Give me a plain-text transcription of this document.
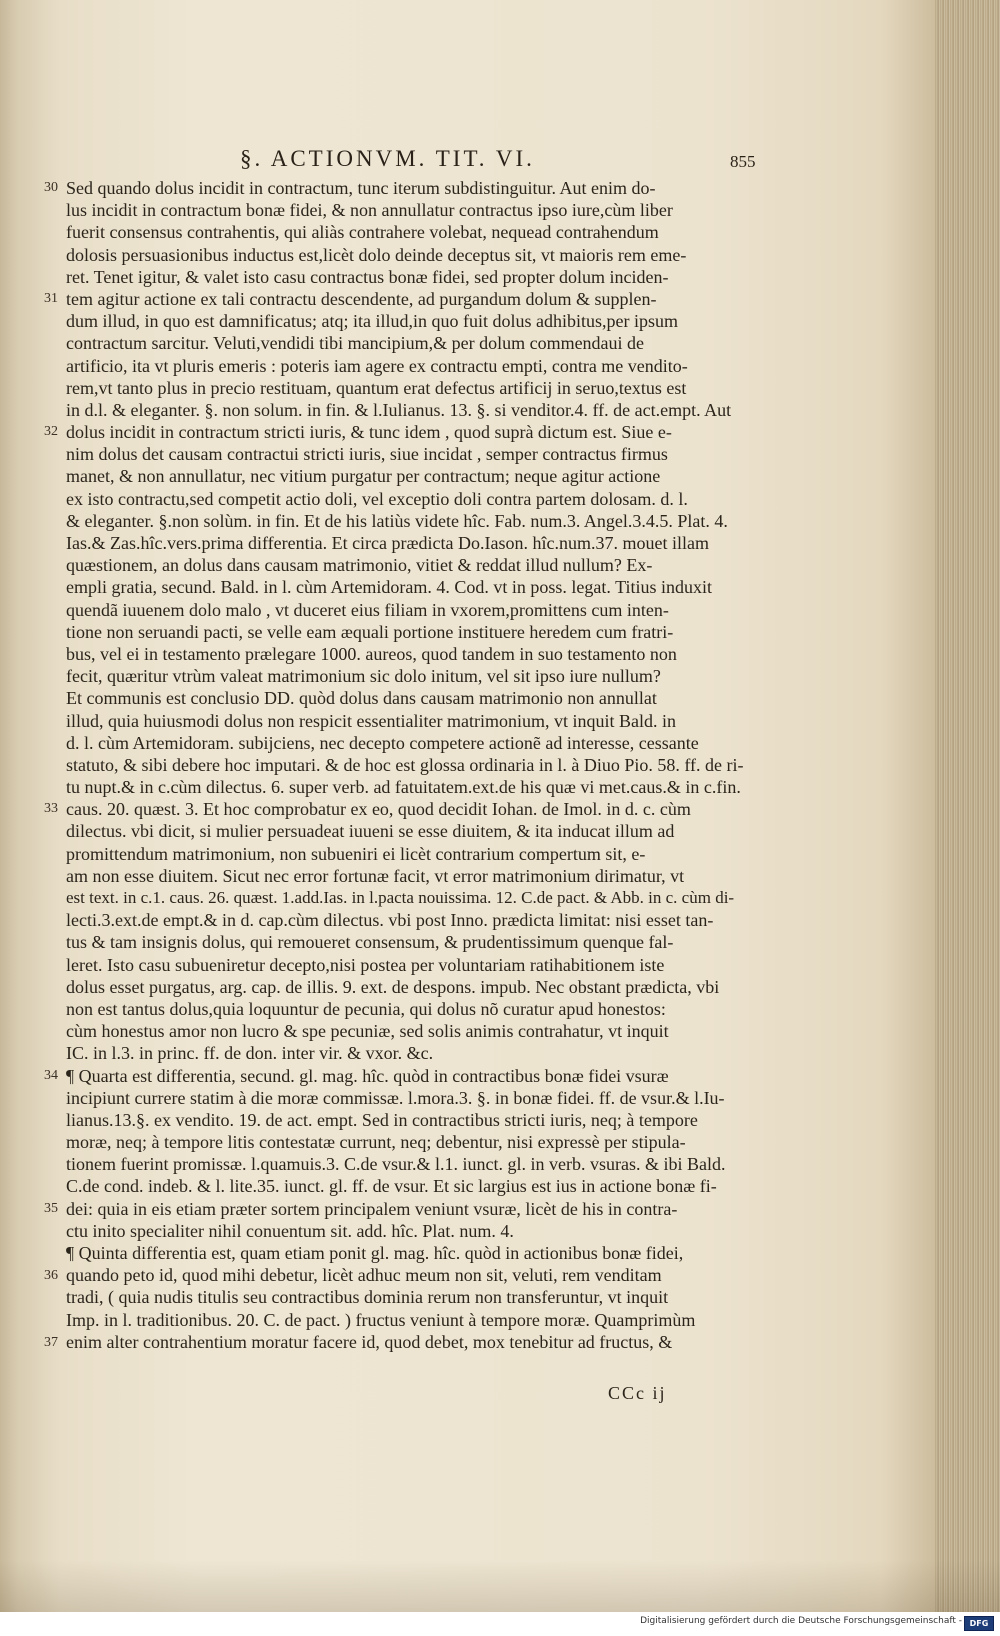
§. ACTIONVM. TIT. VI.	855
30
31
32
33
34
35
36
37
Sed quando dolus incidit in contractum, tunc iterum subdistinguitur. Aut enim do-
lus incidit in contractum bonæ fidei, & non annullatur contractus ipso iure,cùm liber
fuerit consensus contrahentis, qui aliàs contrahere volebat, nequead contrahendum
dolosis persuasionibus inductus est,licèt dolo deinde deceptus sit, vt maioris rem eme-
ret. Tenet igitur, & valet isto casu contractus bonæ fidei, sed propter dolum inciden-
tem agitur actione ex tali contractu descendente, ad purgandum dolum & supplen-
dum illud, in quo est damnificatus; atq; ita illud,in quo fuit dolus adhibitus,per ipsum
contractum sarcitur. Veluti,vendidi tibi mancipium,& per dolum commendaui de
artificio, ita vt pluris emeris : poteris iam agere ex contractu empti, contra me vendito-
rem,vt tanto plus in precio restituam, quantum erat defectus artificij in seruo,textus est
in d.l. & eleganter. §. non solum. in fin. & l.Iulianus. 13. §. si venditor.4. ff. de act.empt. Aut
dolus incidit in contractum stricti iuris, & tunc idem , quod suprà dictum est. Siue e-
nim dolus det causam contractui stricti iuris, siue incidat , semper contractus firmus
manet, & non annullatur, nec vitium purgatur per contractum; neque agitur actione
ex isto contractu,sed competit actio doli, vel exceptio doli contra partem dolosam. d. l.
& eleganter. §.non solùm. in fin. Et de his latiùs videte hîc. Fab. num.3. Angel.3.4.5. Plat. 4.
Ias.& Zas.hîc.vers.prima differentia. Et circa prædicta Do.Iason. hîc.num.37. mouet illam
quæstionem, an dolus dans causam matrimonio, vitiet & reddat illud nullum? Ex-
empli gratia, secund. Bald. in l. cùm Artemidoram. 4. Cod. vt in poss. legat. Titius induxit
quendã iuuenem dolo malo , vt duceret eius filiam in vxorem,promittens cum inten-
tione non seruandi pacti, se velle eam æquali portione instituere heredem cum fratri-
bus, vel ei in testamento prælegare 1000. aureos, quod tandem in suo testamento non
fecit, quæritur vtrùm valeat matrimonium sic dolo initum, vel sit ipso iure nullum?
Et communis est conclusio DD. quòd dolus dans causam matrimonio non annullat
illud, quia huiusmodi dolus non respicit essentialiter matrimonium, vt inquit Bald. in
d. l. cùm Artemidoram. subijciens, nec decepto competere actionẽ ad interesse, cessante
statuto, & sibi debere hoc imputari. & de hoc est glossa ordinaria in l. à Diuo Pio. 58. ff. de ri-
tu nupt.& in c.cùm dilectus. 6. super verb. ad fatuitatem.ext.de his quæ vi met.caus.& in c.fin.
caus. 20. quæst. 3. Et hoc comprobatur ex eo, quod decidit Iohan. de Imol. in d. c. cùm
dilectus. vbi dicit, si mulier persuadeat iuueni se esse diuitem, & ita inducat illum ad
promittendum matrimonium, non subueniri ei licèt contrarium compertum sit, e-
am non esse diuitem. Sicut nec error fortunæ facit, vt error matrimonium dirimatur, vt
est text. in c.1. caus. 26. quæst. 1.add.Ias. in l.pacta nouissima. 12. C.de pact. & Abb. in c. cùm di-
lecti.3.ext.de empt.& in d. cap.cùm dilectus. vbi post Inno. prædicta limitat: nisi esset tan-
tus & tam insignis dolus, qui remoueret consensum, & prudentissimum quenque fal-
leret. Isto casu subueniretur decepto,nisi postea per voluntariam ratihabitionem iste
dolus esset purgatus, arg. cap. de illis. 9. ext. de despons. impub. Nec obstant prædicta, vbi
non est tantus dolus,quia loquuntur de pecunia, qui dolus nõ curatur apud honestos:
cùm honestus amor non lucro & spe pecuniæ, sed solis animis contrahatur, vt inquit
IC. in l.3. in princ. ff. de don. inter vir. & vxor. &c.
¶ Quarta est differentia, secund. gl. mag. hîc. quòd in contractibus bonæ fidei vsuræ
incipiunt currere statim à die moræ commissæ. l.mora.3. §. in bonæ fidei. ff. de vsur.& l.Iu-
lianus.13.§. ex vendito. 19. de act. empt. Sed in contractibus stricti iuris, neq; à tempore
moræ, neq; à tempore litis contestatæ currunt, neq; debentur, nisi expressè per stipula-
tionem fuerint promissæ. l.quamuis.3. C.de vsur.& l.1. iunct. gl. in verb. vsuras. & ibi Bald.
C.de cond. indeb. & l. lite.35. iunct. gl. ff. de vsur. Et sic largius est ius in actione bonæ fi-
dei: quia in eis etiam præter sortem principalem veniunt vsuræ, licèt de his in contra-
ctu inito specialiter nihil conuentum sit. add. hîc. Plat. num. 4.
¶ Quinta differentia est, quam etiam ponit gl. mag. hîc. quòd in actionibus bonæ fidei,
quando peto id, quod mihi debetur, licèt adhuc meum non sit, veluti, rem venditam
tradi, ( quia nudis titulis seu contractibus dominia rerum non transferuntur, vt inquit
Imp. in l. traditionibus. 20. C. de pact. ) fructus veniunt à tempore moræ. Quamprimùm
enim alter contrahentium moratur facere id, quod debet, mox tenebitur ad fructus, &
CCc ij
Digitalisierung gefördert durch die Deutsche Forschungsgemeinschaft - DFG
